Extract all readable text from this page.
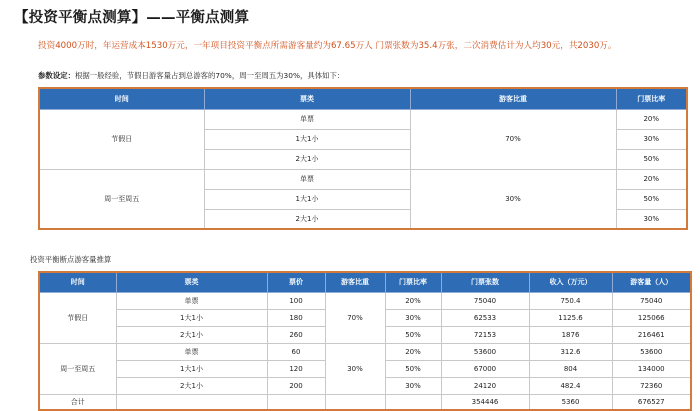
【投资平衡点测算】——平衡点测算
投资4000万时，年运营成本1530万元，一年项目投资平衡点所需游客量约为67.65万人 门票张数为35.4万张，二次消费估计为人均30元，共2030万。
参数设定：根据一般经验，节假日游客量占到总游客的70%，周一至周五为30%，具体如下：
时间	票类	游客比重	门票比率
节假日	单票	70%	20%
	1大1小		30%
	2大1小		50%
周一至周五	单票	30%	20%
	1大1小		50%
	2大1小		30%
投资平衡断点游客量推算
时间	票类	票价	游客比重	门票比率	门票张数	收入（万元）	游客量（人）
节假日	单票	100	70%	20%	75040	750.4	75040
	1大1小	180		30%	62533	1125.6	125066
	2大1小	260		50%	72153	1876	216461
周一至周五	单票	60	30%	20%	53600	312.6	53600
	1大1小	120		50%	67000	804	134000
	2大1小	200		30%	24120	482.4	72360
合计					354446	5360	676527
